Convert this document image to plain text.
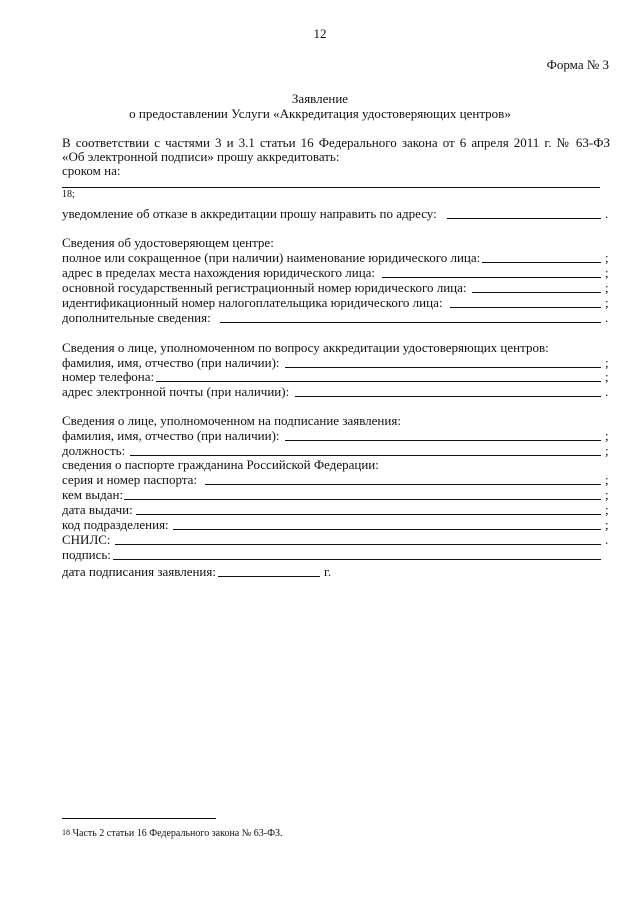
12
Форма № 3
Заявление
о предоставлении Услуги «Аккредитация удостоверяющих центров»
В соответствии с частями 3 и 3.1 статьи 16 Федерального закона от 6 апреля 2011 г. № 63-ФЗ
«Об электронной подписи» прошу аккредитовать:
сроком на:
18;
уведомление об отказе в аккредитации прошу направить по адресу:	.
Сведения об удостоверяющем центре:
полное или сокращенное (при наличии) наименование юридического лица:	;
адрес в пределах места нахождения юридического лица:	;
основной государственный регистрационный номер юридического лица:	;
идентификационный номер налогоплательщика юридического лица:	;
дополнительные сведения:	.
Сведения о лице, уполномоченном по вопросу аккредитации удостоверяющих центров:
фамилия, имя, отчество (при наличии):	;
номер телефона:	;
адрес электронной почты (при наличии):	.
Сведения о лице, уполномоченном на подписание заявления:
фамилия, имя, отчество (при наличии):	;
должность:	;
сведения о паспорте гражданина Российской Федерации:
серия и номер паспорта:	;
кем выдан:	;
дата выдачи:	;
код подразделения:	;
СНИЛС:	.
подпись:
дата подписания заявления:	г.
$^{18}$ Часть 2 статьи 16 Федерального закона № 63-ФЗ.
